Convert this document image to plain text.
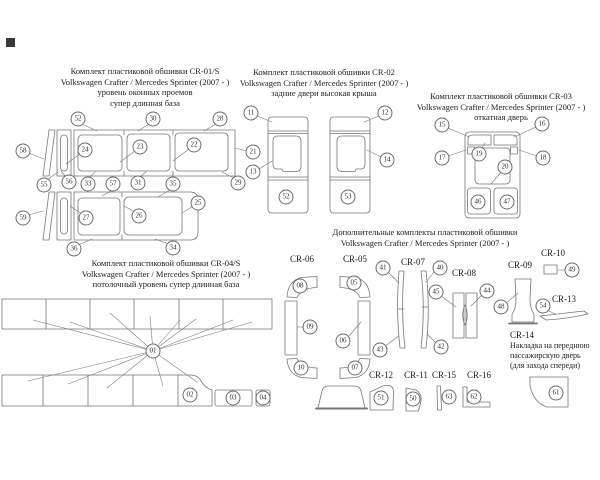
Комплект пластиковой обшивки CR-01/S
Volkswagen Crafter / Mercedes Sprinter (2007 - )
уровень оконных проемов
супер длинная база
Комплект пластиковой обшивки CR-02
Volkswagen Crafter / Mercedes Sprinter (2007 - )
задние двери высокая крыша	Комплект пластиковой обшивки CR-03
Volkswagen Crafter / Mercedes Sprinter (2007 - )
откатная дверь
Дополнительные комплекты пластиковой обшивки
Volkswagen Crafter / Mercedes Sprinter (2007 - )
Комплект пластиковой обшивки CR-04/S
Volkswagen Crafter / Mercedes Sprinter (2007 - )
потолочный уровень супер длинная база
CR-06	CR-05	CR-07
CR-08
CR-09
CR-10
CR-13
CR-12 CR-11 CR-15 CR-16
CR-14
Накладка на переднюю
пассажирскую дверь
(для захода спереди)
52	30	28
58	24	23	22
21
55	56	33	57	31	35	29
59	27	26
25
36	34
11	12
13
14
52	53
15	16
17	18
19
20
46	47
01
02	03	04
05
06
07
08
09
10
41	40
43	42
45	44
48
49
54
61
51	50	63	62
